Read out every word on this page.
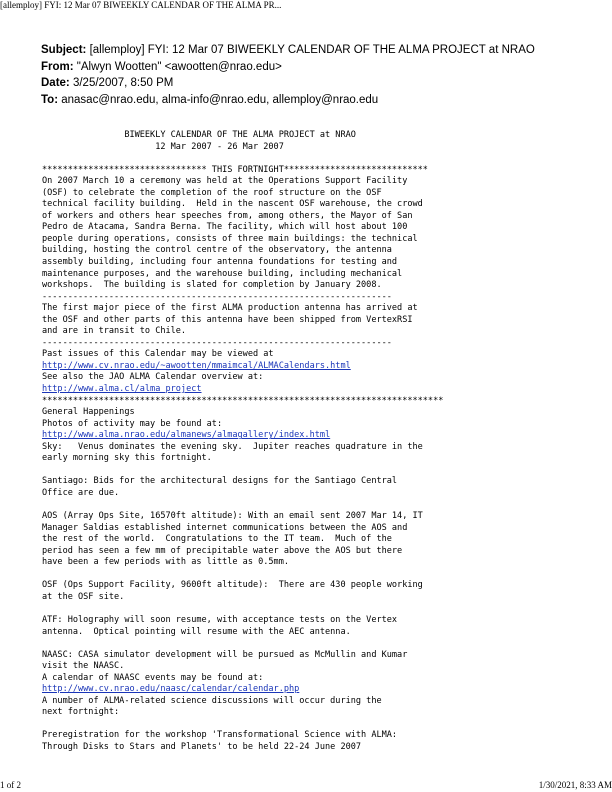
[allemploy] FYI: 12 Mar 07 BIWEEKLY CALENDAR OF THE ALMA PR...
Subject: [allemploy] FYI: 12 Mar 07 BIWEEKLY CALENDAR OF THE ALMA PROJECT at NRAO
From: "Alwyn Wootten" <awootten@nrao.edu>
Date: 3/25/2007, 8:50 PM
To: anasac@nrao.edu, alma-info@nrao.edu, allemploy@nrao.edu
BIWEEKLY CALENDAR OF THE ALMA PROJECT at NRAO
12 Mar 2007 - 26 Mar 2007
******************************** THIS FORTNIGHT****************************
On 2007 March 10 a ceremony was held at the Operations Support Facility
(OSF) to celebrate the completion of the roof structure on the OSF
technical facility building.  Held in the nascent OSF warehouse, the crowd
of workers and others hear speeches from, among others, the Mayor of San
Pedro de Atacama, Sandra Berna. The facility, which will host about 100
people during operations, consists of three main buildings: the technical
building, hosting the control centre of the observatory, the antenna
assembly building, including four antenna foundations for testing and
maintenance purposes, and the warehouse building, including mechanical
workshops.  The building is slated for completion by January 2008.
--------------------------------------------------------------------
The first major piece of the first ALMA production antenna has arrived at
the OSF and other parts of this antenna have been shipped from VertexRSI
and are in transit to Chile.
--------------------------------------------------------------------
Past issues of this Calendar may be viewed at
http://www.cv.nrao.edu/~awootten/mmaimcal/ALMACalendars.html
See also the JAO ALMA Calendar overview at:
http://www.alma.cl/alma_project
******************************************************************************
General Happenings
Photos of activity may be found at:
http://www.alma.nrao.edu/almanews/almagallery/index.html
Sky:   Venus dominates the evening sky.  Jupiter reaches quadrature in the
early morning sky this fortnight.
Santiago: Bids for the architectural designs for the Santiago Central
Office are due.
AOS (Array Ops Site, 16570ft altitude): With an email sent 2007 Mar 14, IT
Manager Saldias established internet communications between the AOS and
the rest of the world.  Congratulations to the IT team.  Much of the
period has seen a few mm of precipitable water above the AOS but there
have been a few periods with as little as 0.5mm.
OSF (Ops Support Facility, 9600ft altitude):  There are 430 people working
at the OSF site.
ATF: Holography will soon resume, with acceptance tests on the Vertex
antenna.  Optical pointing will resume with the AEC antenna.
NAASC: CASA simulator development will be pursued as McMullin and Kumar
visit the NAASC.
A calendar of NAASC events may be found at:
http://www.cv.nrao.edu/naasc/calendar/calendar.php
A number of ALMA-related science discussions will occur during the
next fortnight:
Preregistration for the workshop 'Transformational Science with ALMA:
Through Disks to Stars and Planets' to be held 22-24 June 2007
1 of 2	1/30/2021, 8:33 AM
